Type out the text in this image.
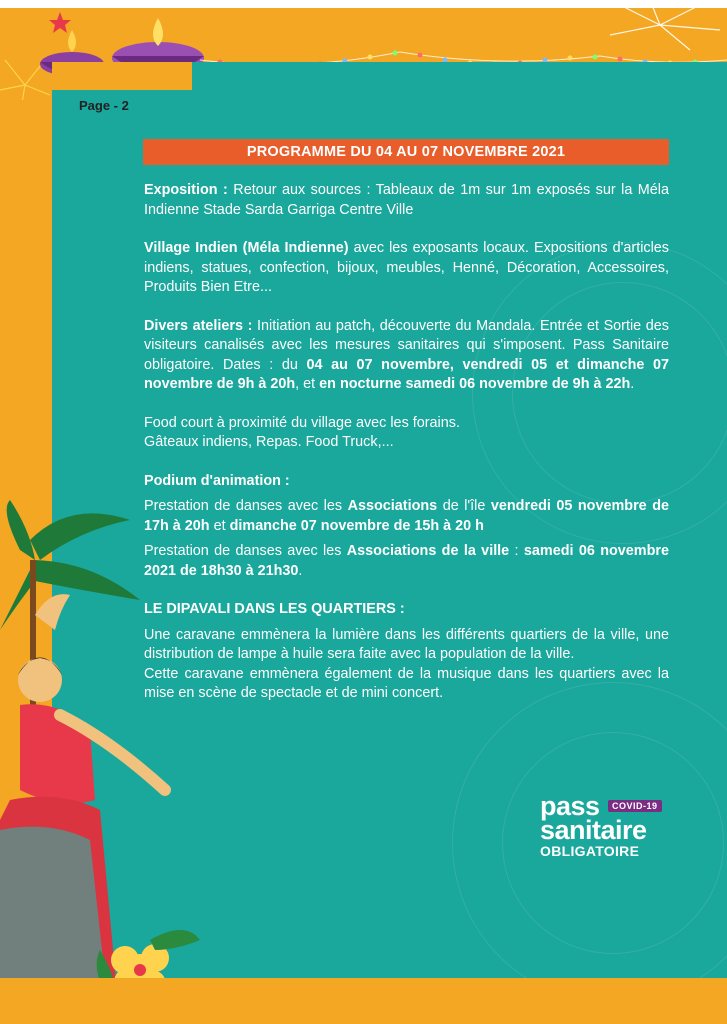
Page - 2
PROGRAMME DU 04 AU 07 NOVEMBRE 2021

Exposition : Retour aux sources : Tableaux de 1m sur 1m exposés sur la Méla Indienne Stade Sarda Garriga Centre Ville

Village Indien (Méla Indienne) avec les exposants locaux. Expositions d'articles indiens, statues, confection, bijoux, meubles, Henné, Décoration, Accessoires, Produits Bien Etre...

Divers ateliers : Initiation au patch, découverte du Mandala. Entrée et Sortie des visiteurs canalisés avec les mesures sanitaires qui s'imposent. Pass Sanitaire obligatoire. Dates : du 04 au 07 novembre, vendredi 05 et dimanche 07 novembre de 9h à 20h, et en nocturne samedi 06 novembre de 9h à 22h.

Food court à proximité du village avec les forains.

Gâteaux indiens, Repas. Food Truck,...

Podium d'animation :

Prestation de danses avec les Associations de l'île vendredi 05 novembre de 17h à 20h et dimanche 07 novembre de 15h à 20 h

Prestation de danses avec les Associations de la ville : samedi 06 novembre 2021 de 18h30 à 21h30.

LE DIPAVALI DANS LES QUARTIERS :

Une caravane emmènera la lumière dans les différents quartiers de la ville, une distribution de lampe à huile sera faite avec la population de la ville.

Cette caravane emmènera également de la musique dans les quartiers avec la mise en scène de spectacle et de mini concert.

pass	COVID-19
sanitaire
OBLIGATOIRE
